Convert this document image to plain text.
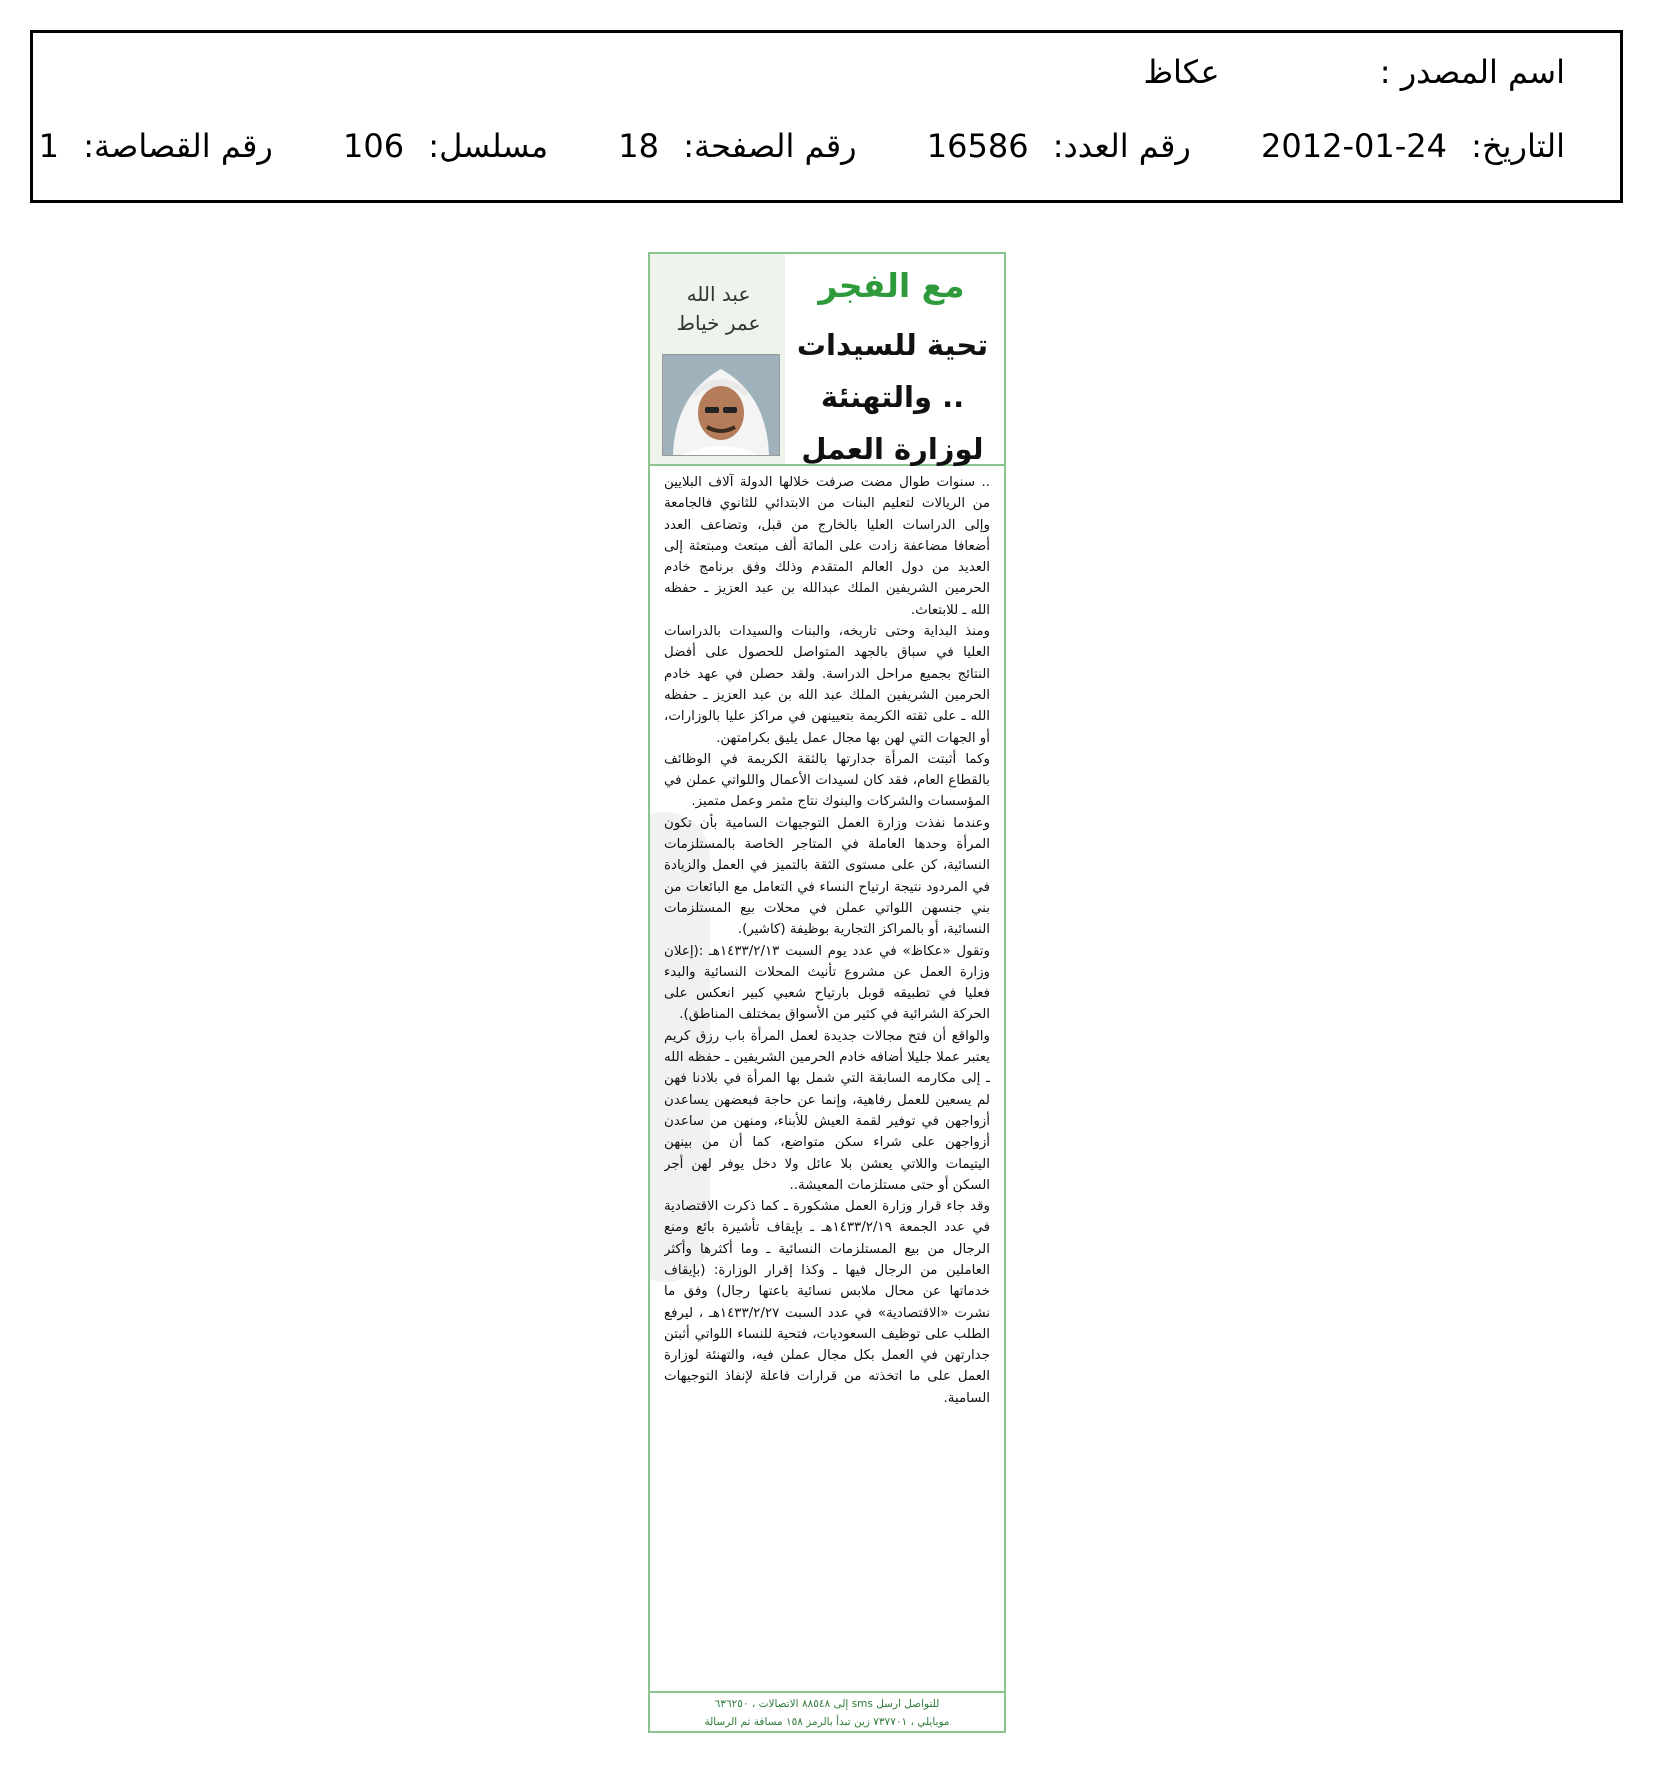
اسم المصدر : عكاظ
التاريخ: 2012-01-24 رقم العدد: 16586 رقم الصفحة: 18 مسلسل: 106 رقم القصاصة: 1
مع الفجر
تحية للسيدات
.. والتهنئة
لوزارة العمل
عبد الله
عمر خياط
.. سنوات طوال مضت صرفت خلالها الدولة آلاف البلايين من الريالات لتعليم البنات من الابتدائي للثانوي فالجامعة وإلى الدراسات العليا بالخارج من قبل، وتضاعف العدد أضعافا مضاعفة زادت على المائة ألف مبتعث ومبتعثة إلى العديد من دول العالم المتقدم وذلك وفق برنامج خادم الحرمين الشريفين الملك عبدالله بن عبد العزيز ـ حفظه الله ـ للابتعاث.
ومنذ البداية وحتى تاريخه، والبنات والسيدات بالدراسات العليا في سباق بالجهد المتواصل للحصول على أفضل النتائج بجميع مراحل الدراسة. ولقد حصلن في عهد خادم الحرمين الشريفين الملك عبد الله بن عبد العزيز ـ حفظه الله ـ على ثقته الكريمة بتعيينهن في مراكز عليا بالوزارات، أو الجهات التي لهن بها مجال عمل يليق بكرامتهن.
وكما أثبتت المرأة جدارتها بالثقة الكريمة في الوظائف بالقطاع العام، فقد كان لسيدات الأعمال واللواتي عملن في المؤسسات والشركات والبنوك نتاج مثمر وعمل متميز.
وعندما نفذت وزارة العمل التوجيهات السامية بأن تكون المرأة وحدها العاملة في المتاجر الخاصة بالمستلزمات النسائية، كن على مستوى الثقة بالتميز في العمل والزيادة في المردود نتيجة ارتياح النساء في التعامل مع البائعات من بني جنسهن اللواتي عملن في محلات بيع المستلزمات النسائية، أو بالمراكز التجارية بوظيفة (كاشير).
وتقول «عكاظ» في عدد يوم السبت ١٤٣٣/٢/١٣هـ :(إعلان وزارة العمل عن مشروع تأنيث المحلات النسائية والبدء فعليا في تطبيقه قوبل بارتياح شعبي كبير انعكس على الحركة الشرائية في كثير من الأسواق بمختلف المناطق).
والواقع أن فتح مجالات جديدة لعمل المرأة باب رزق كريم يعتبر عملا جليلا أضافه خادم الحرمين الشريفين ـ حفظه الله ـ إلى مكارمه السابقة التي شمل بها المرأة في بلادنا فهن لم يسعين للعمل رفاهية، وإنما عن حاجة فبعضهن يساعدن أزواجهن في توفير لقمة العيش للأبناء، ومنهن من ساعدن أزواجهن على شراء سكن متواضع، كما أن من بينهن اليتيمات واللاتي يعشن بلا عائل ولا دخل يوفر لهن أجر السكن أو حتى مستلزمات المعيشة..
وقد جاء قرار وزارة العمل مشكورة ـ كما ذكرت الاقتصادية في عدد الجمعة ١٤٣٣/٢/١٩هـ ـ بإيقاف تأشيرة بائع ومنع الرجال من بيع المستلزمات النسائية ـ وما أكثرها وأكثر العاملين من الرجال فيها ـ وكذا إقرار الوزارة: (بإيقاف خدماتها عن محال ملابس نسائية باعتها رجال) وفق ما نشرت «الاقتصادية» في عدد السبت ١٤٣٣/٢/٢٧هـ ، ليرفع الطلب على توظيف السعوديات، فتحية للنساء اللواتي أثبتن جدارتهن في العمل بكل مجال عملن فيه، والتهنئة لوزارة العمل على ما اتخذته من قرارات فاعلة لإنفاذ التوجيهات السامية.
للتواصل ارسل sms إلى ٨٨٥٤٨ الاتصالات ، ٦٣٦٢٥٠
موبايلي ، ٧٣٧٧٠١ زين تبدأ بالرمز ١٥٨ مسافة ثم الرسالة
